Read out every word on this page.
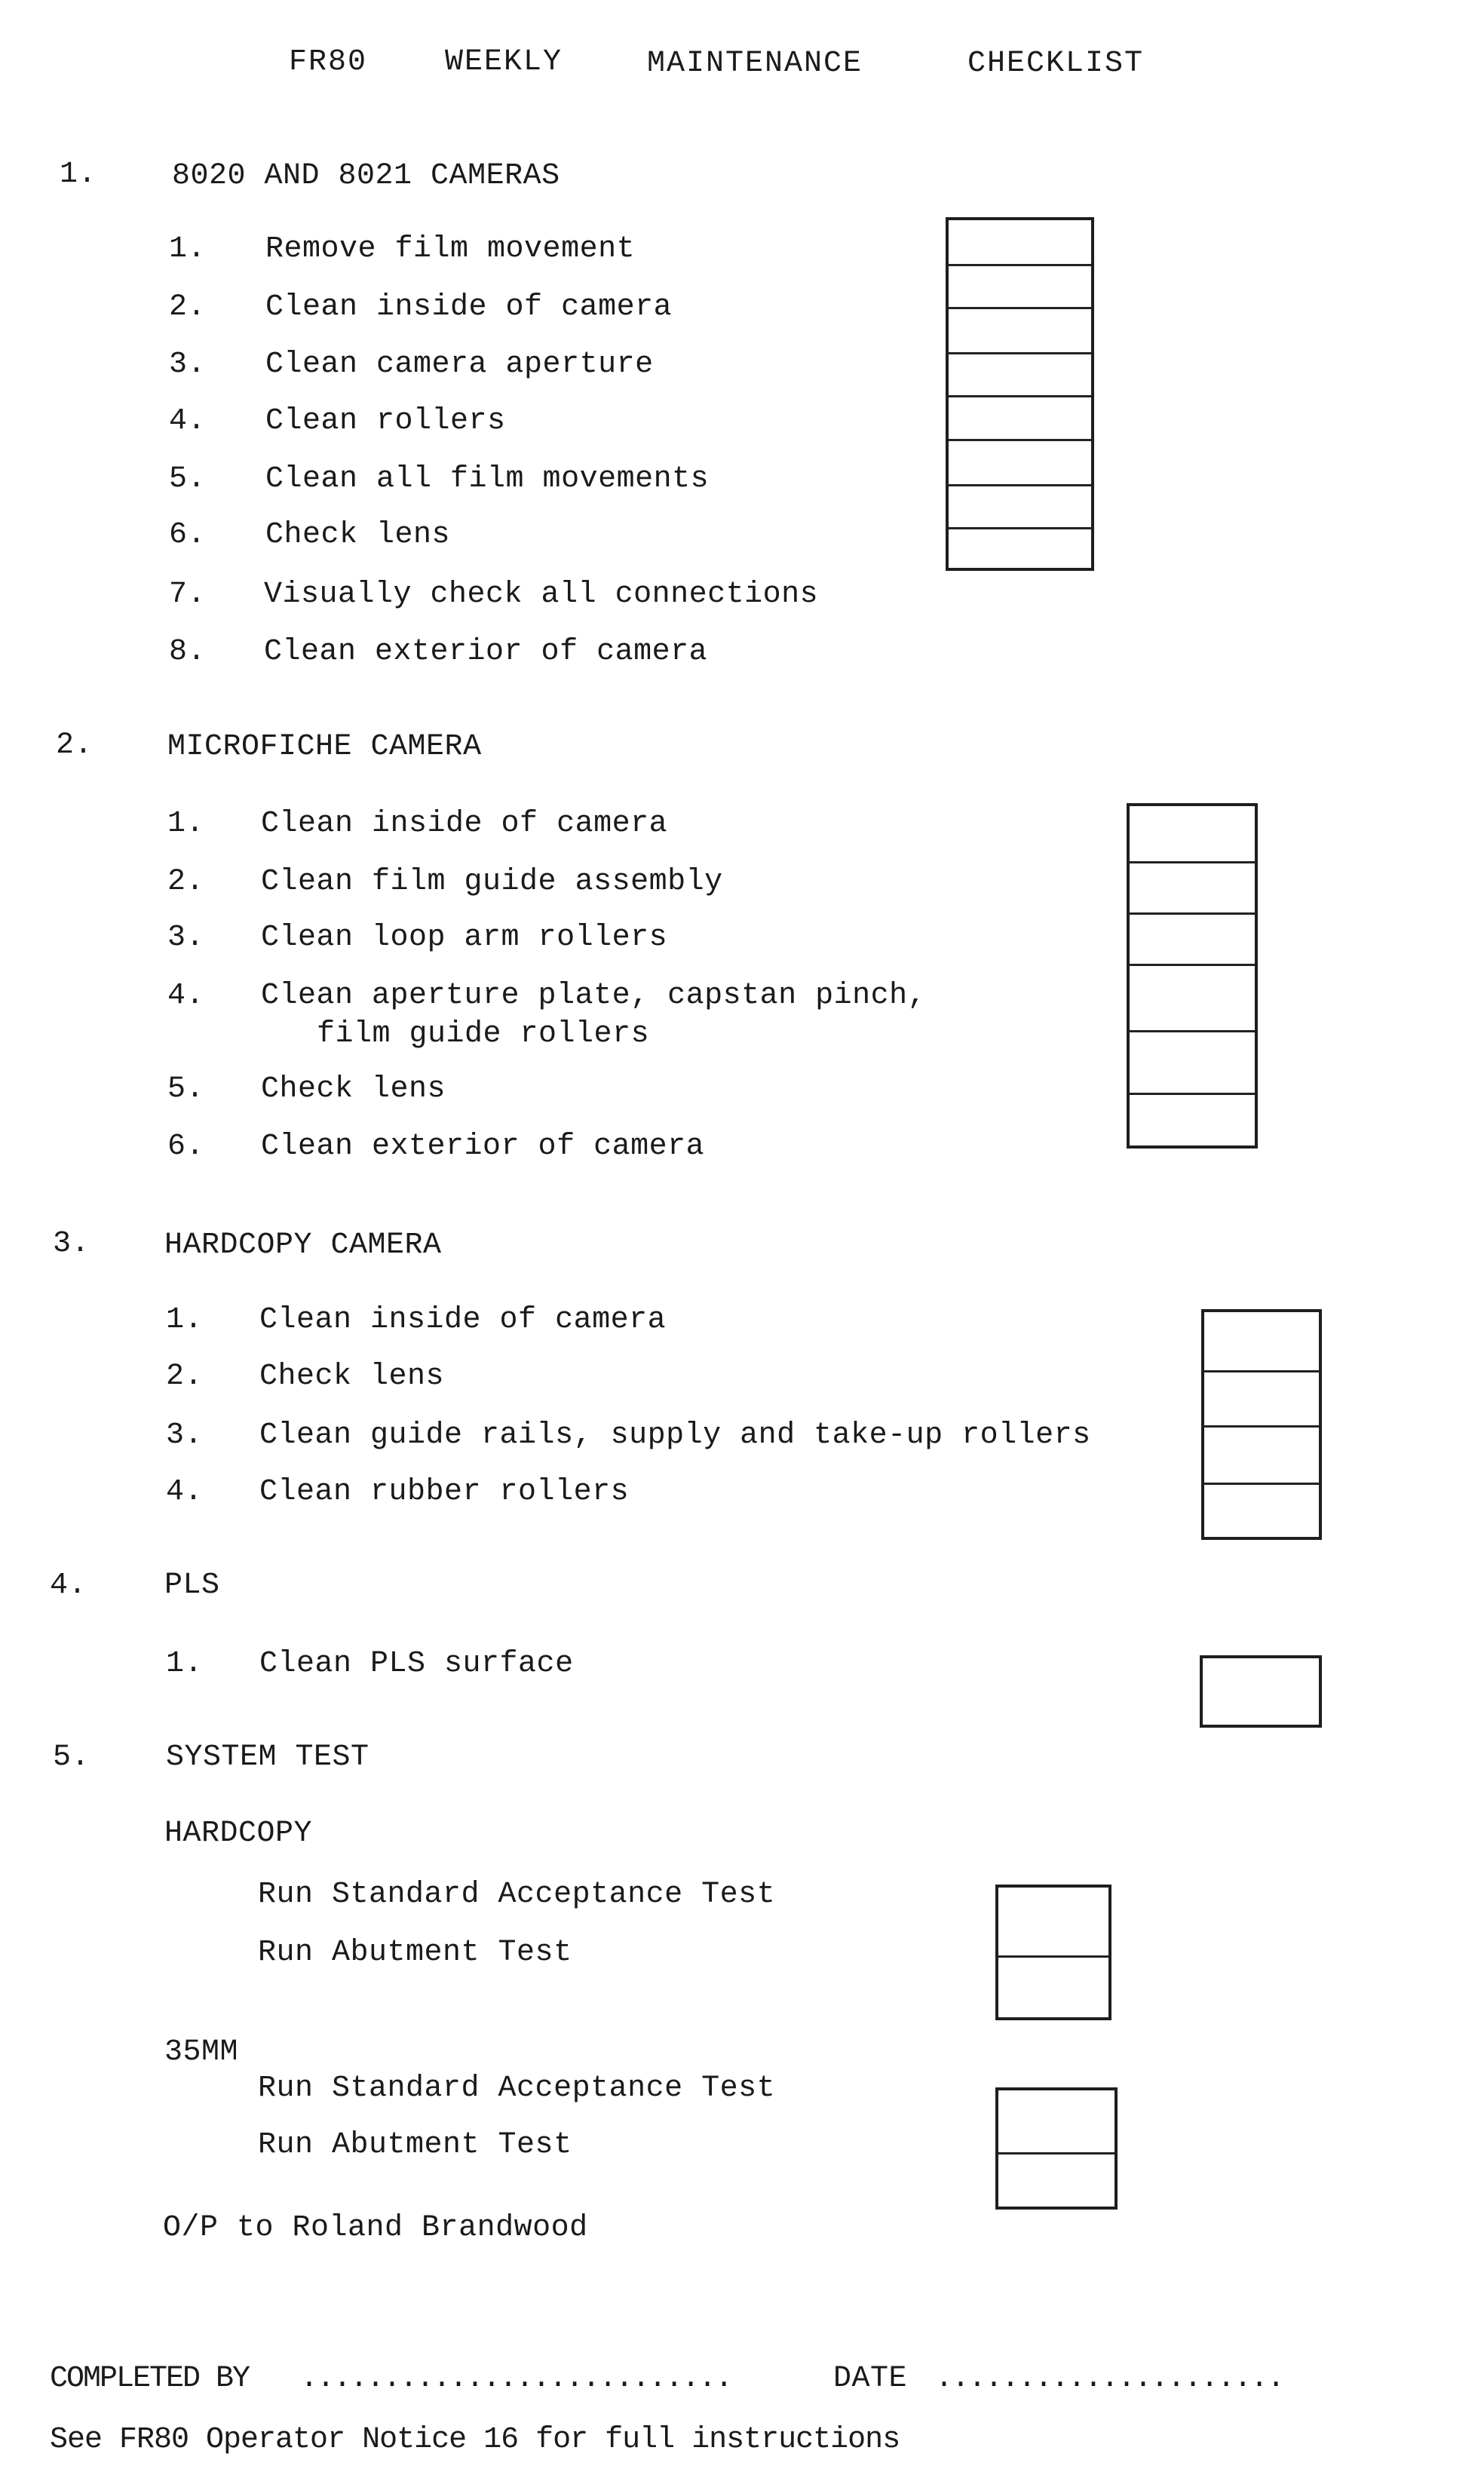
FR80	WEEKLY	MAINTENANCE	CHECKLIST
1. 8020 AND 8021 CAMERAS
1. Remove film movement
2. Clean inside of camera
3. Clean camera aperture
4. Clean rollers
5. Clean all film movements
6. Check lens
7. Visually check all connections
8. Clean exterior of camera
2. MICROFICHE CAMERA
1. Clean inside of camera
2. Clean film guide assembly
3. Clean loop arm rollers
4. Clean aperture plate, capstan pinch,
film guide rollers
5. Check lens
6. Clean exterior of camera
3. HARDCOPY CAMERA
1. Clean inside of camera
2. Check lens
3. Clean guide rails, supply and take-up rollers
4. Clean rubber rollers
4.	PLS
1. Clean PLS surface
5.	SYSTEM TEST
HARDCOPY
Run Standard Acceptance Test
Run Abutment Test
35MM
Run Standard Acceptance Test
Run Abutment Test
O/P to Roland Brandwood
COMPLETED BY ..........................	DATE .....................
See FR80 Operator Notice 16 for full instructions
